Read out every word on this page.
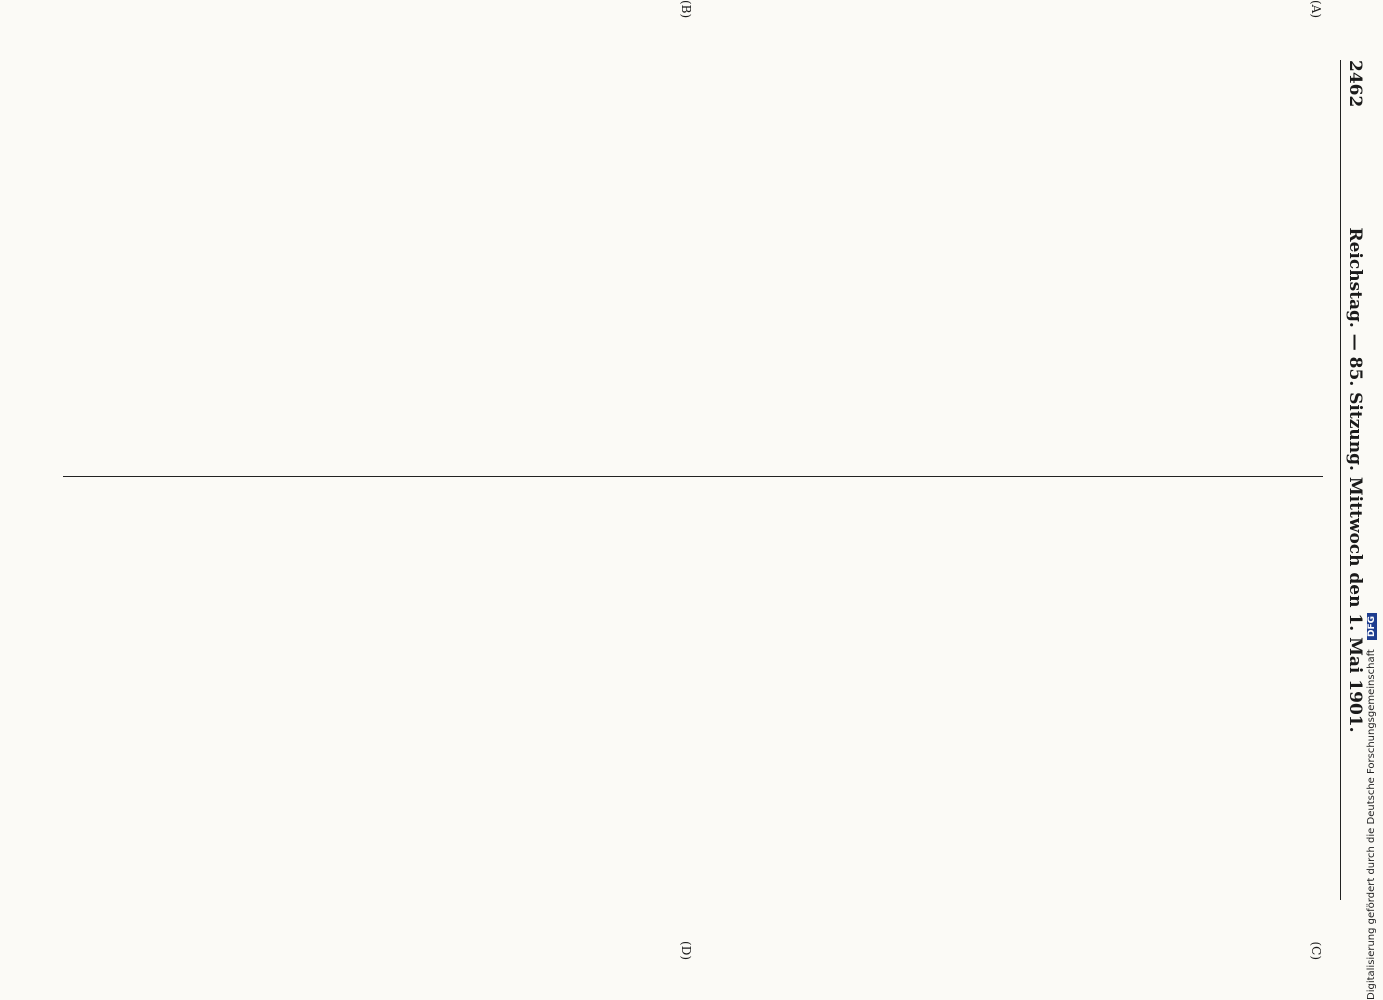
2462
Reichstag. — 85. Sitzung. Mittwoch den 1. Mai 1901.
(A)
(B)
(C)
(D)	Digitalisierung gefördert durch die Deutsche Forschungsgemeinschaft DFG
